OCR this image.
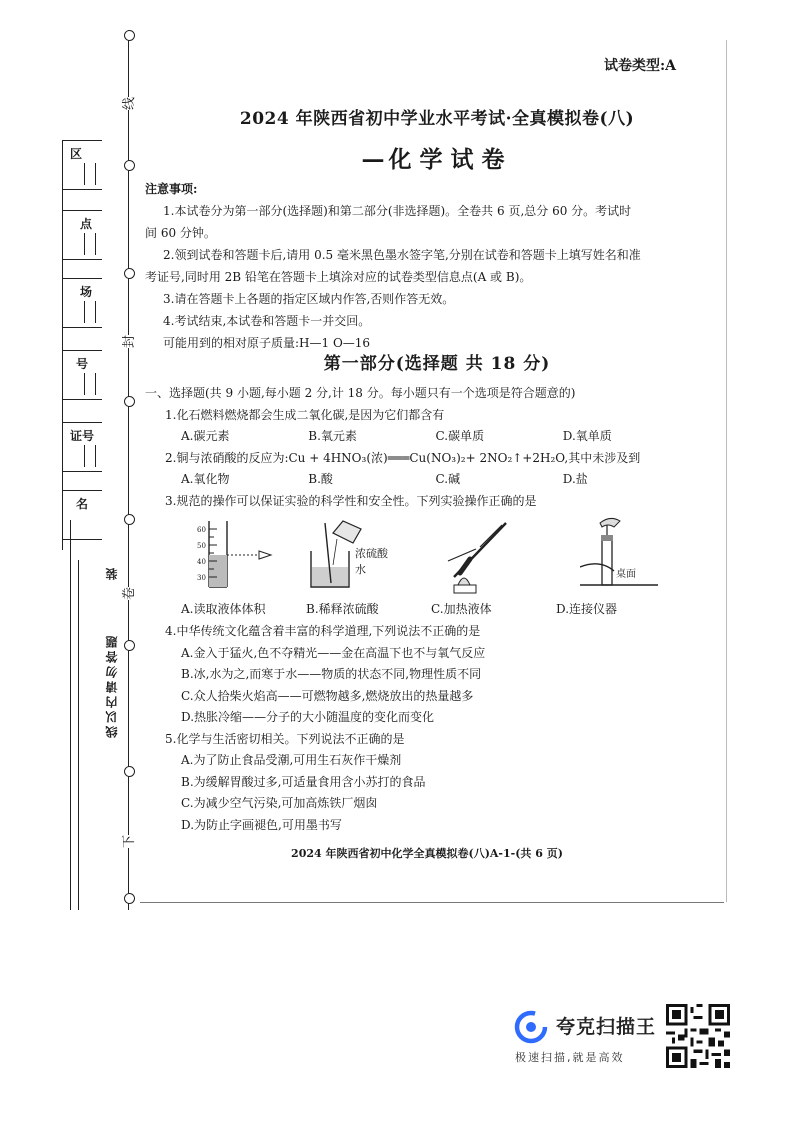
区
点
场
号
证号
名
线
封
卷
线以内请勿答题
装
下
试卷类型:A
2024 年陕西省初中学业水平考试·全真模拟卷(八)
— 化学试卷
注意事项:
1.本试卷分为第一部分(选择题)和第二部分(非选择题)。全卷共 6 页,总分 60 分。考试时
间 60 分钟。
2.领到试卷和答题卡后,请用 0.5 毫米黑色墨水签字笔,分别在试卷和答题卡上填写姓名和准
考证号,同时用 2B 铅笔在答题卡上填涂对应的试卷类型信息点(A 或 B)。
3.请在答题卡上各题的指定区域内作答,否则作答无效。
4.考试结束,本试卷和答题卡一并交回。
可能用到的相对原子质量:H—1 O—16
第一部分(选择题 共 18 分)
一、选择题(共 9 小题,每小题 2 分,计 18 分。每小题只有一个选项是符合题意的)
1.化石燃料燃烧都会生成二氧化碳,是因为它们都含有
A.碳元素	B.氧元素	C.碳单质	D.氧单质
2.铜与浓硝酸的反应为:Cu + 4HNO₃(浓)═══Cu(NO₃)₂+ 2NO₂↑+2H₂O,其中未涉及到
A.氧化物	B.酸	C.碱	D.盐
3.规范的操作可以保证实验的科学性和安全性。下列实验操作正确的是
60
50
40
30
浓硫酸
水	桌面
A.读取液体体积	B.稀释浓硫酸	C.加热液体	D.连接仪器
4.中华传统文化蕴含着丰富的科学道理,下列说法不正确的是
A.金入于猛火,色不夺精光——金在高温下也不与氧气反应
B.冰,水为之,而寒于水——物质的状态不同,物理性质不同
C.众人拾柴火焰高——可燃物越多,燃烧放出的热量越多
D.热胀冷缩——分子的大小随温度的变化而变化
5.化学与生活密切相关。下列说法不正确的是
A.为了防止食品受潮,可用生石灰作干燥剂
B.为缓解胃酸过多,可适量食用含小苏打的食品
C.为减少空气污染,可加高炼铁厂烟囱
D.为防止字画褪色,可用墨书写
2024 年陕西省初中化学全真模拟卷(八)A-1-(共 6 页)
夸克扫描王
极速扫描,就是高效
